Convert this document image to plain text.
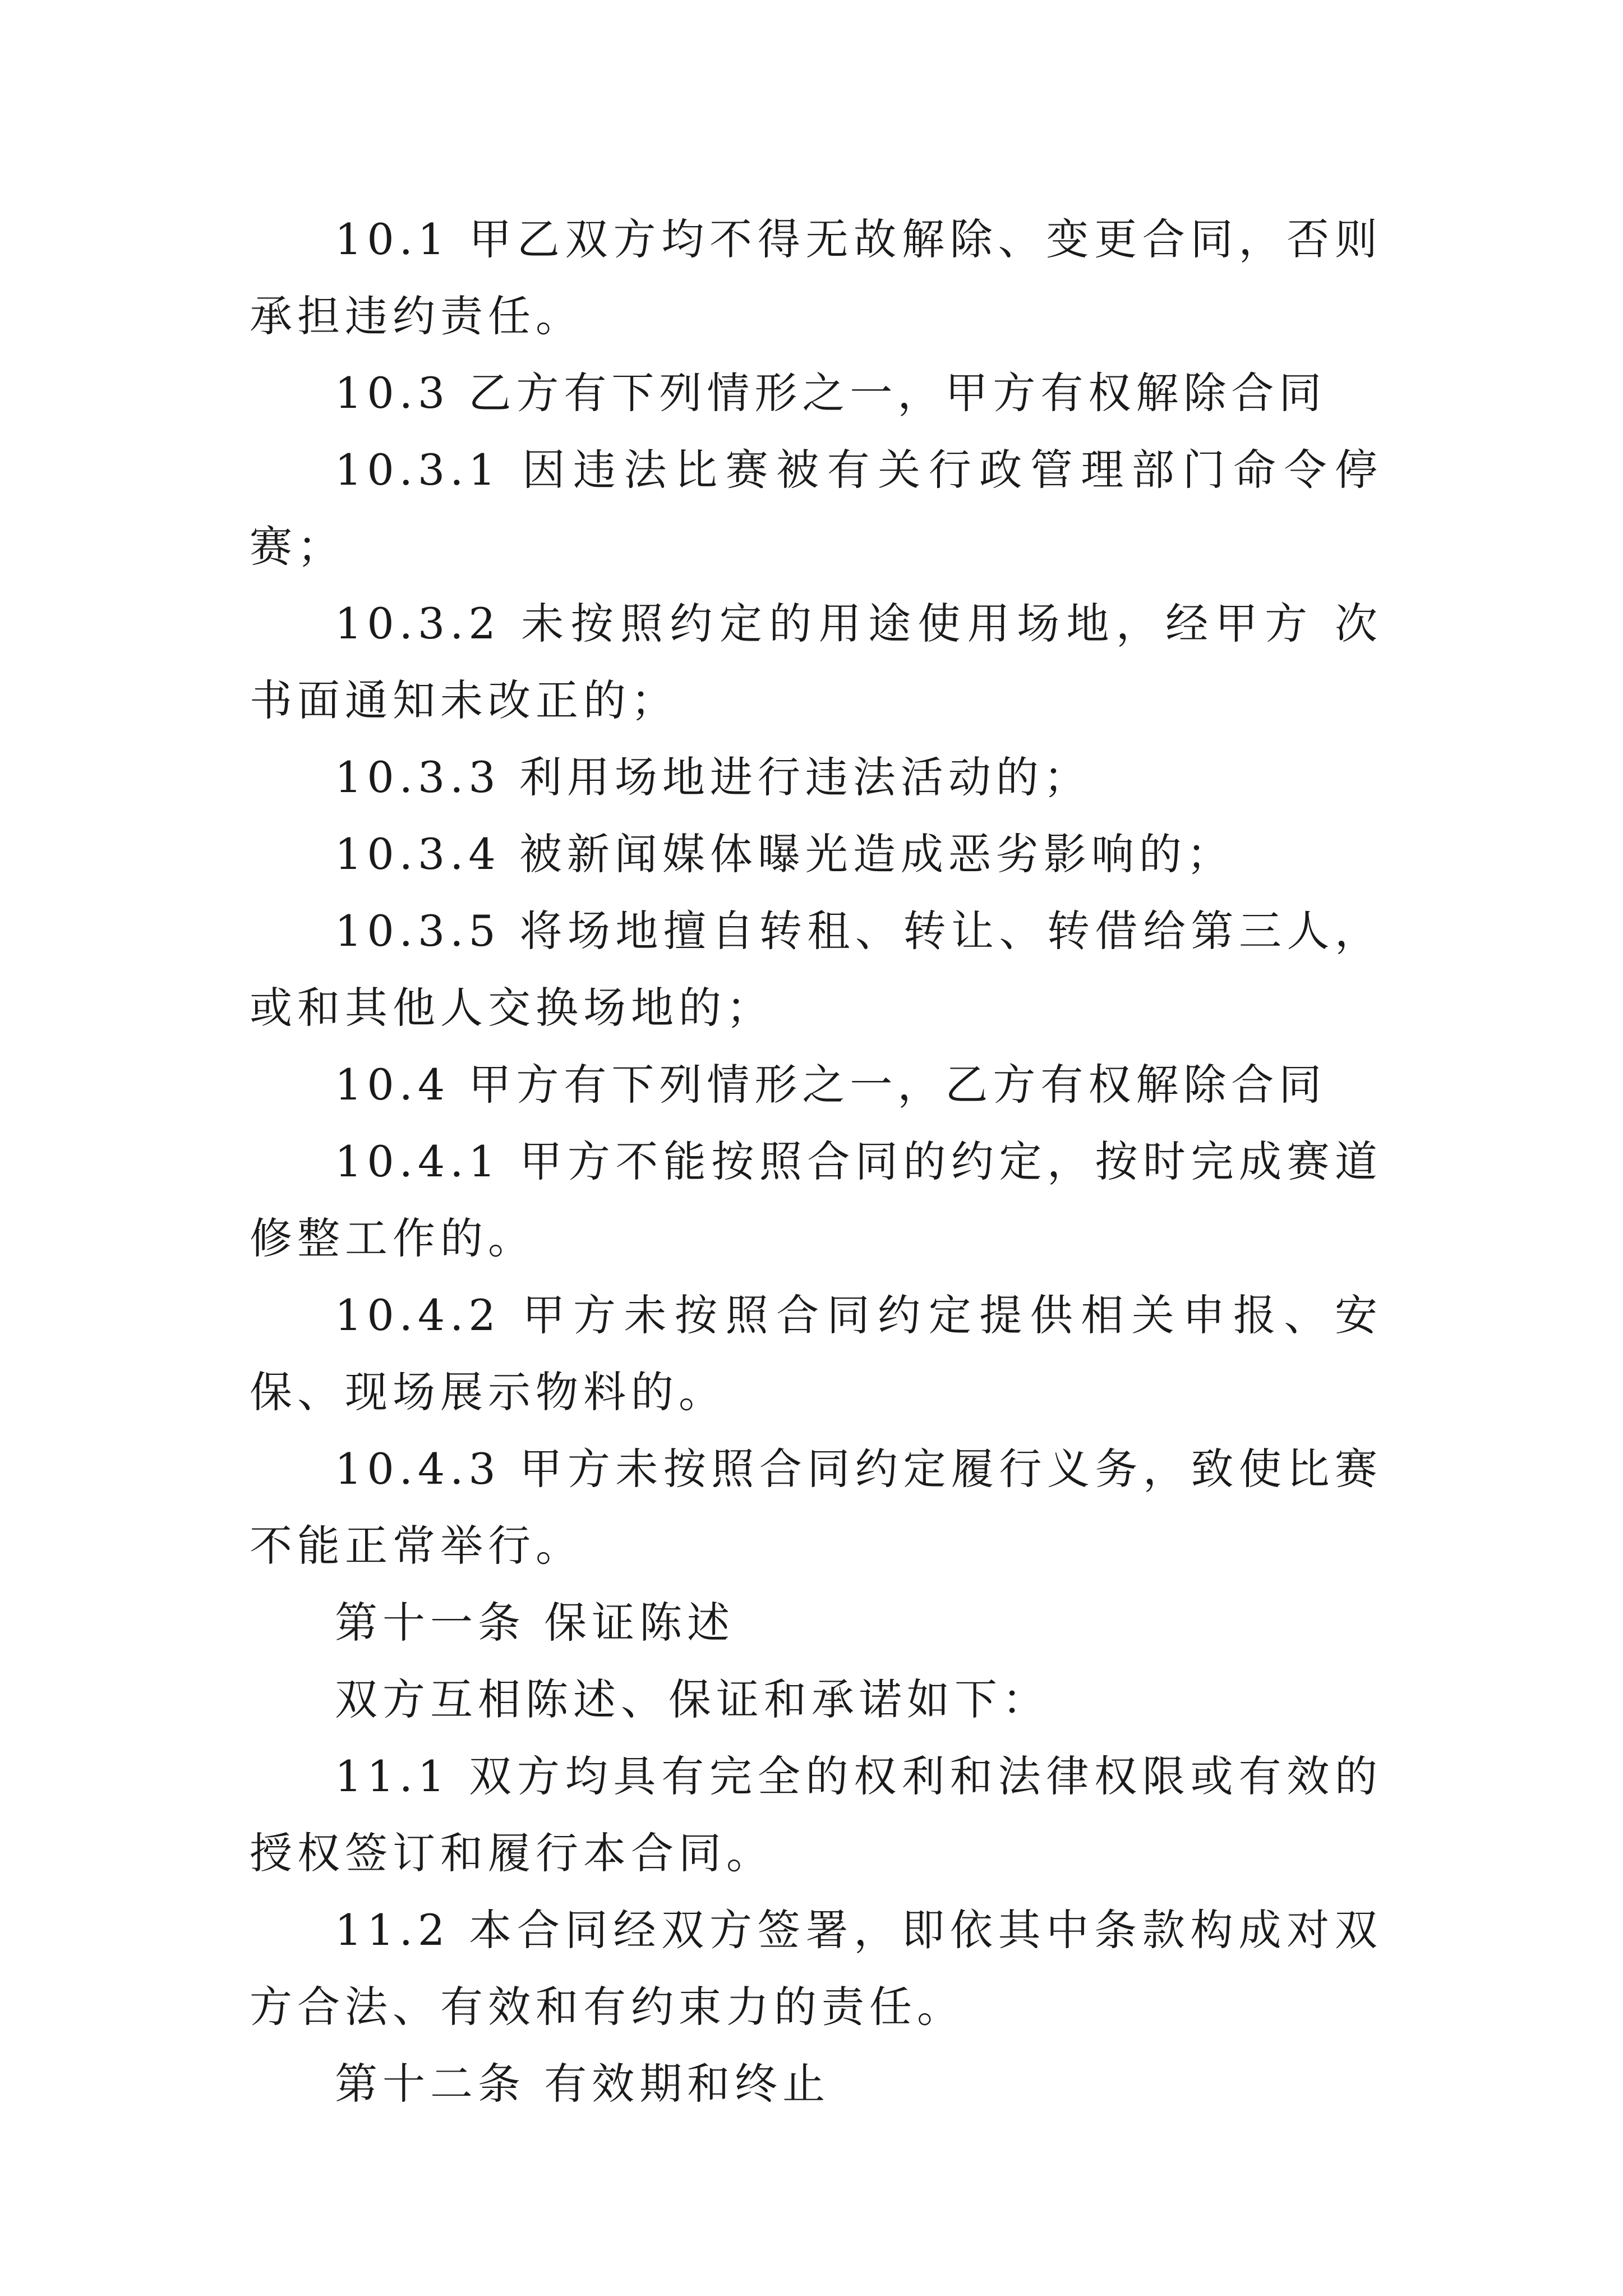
10.1 甲乙双方均不得无故解除、变更合同，否则承担违约责任。

10.3 乙方有下列情形之一，甲方有权解除合同

10.3.1 因违法比赛被有关行政管理部门命令停赛；

10.3.2 未按照约定的用途使用场地，经甲方 次书面通知未改正的；

10.3.3 利用场地进行违法活动的；

10.3.4 被新闻媒体曝光造成恶劣影响的；

10.3.5 将场地擅自转租、转让、转借给第三人，或和其他人交换场地的；

10.4 甲方有下列情形之一，乙方有权解除合同

10.4.1 甲方不能按照合同的约定，按时完成赛道修整工作的。

10.4.2 甲方未按照合同约定提供相关申报、安保、现场展示物料的。

10.4.3 甲方未按照合同约定履行义务，致使比赛不能正常举行。

第十一条 保证陈述

双方互相陈述、保证和承诺如下：

11.1 双方均具有完全的权利和法律权限或有效的授权签订和履行本合同。

11.2 本合同经双方签署，即依其中条款构成对双方合法、有效和有约束力的责任。

第十二条 有效期和终止
